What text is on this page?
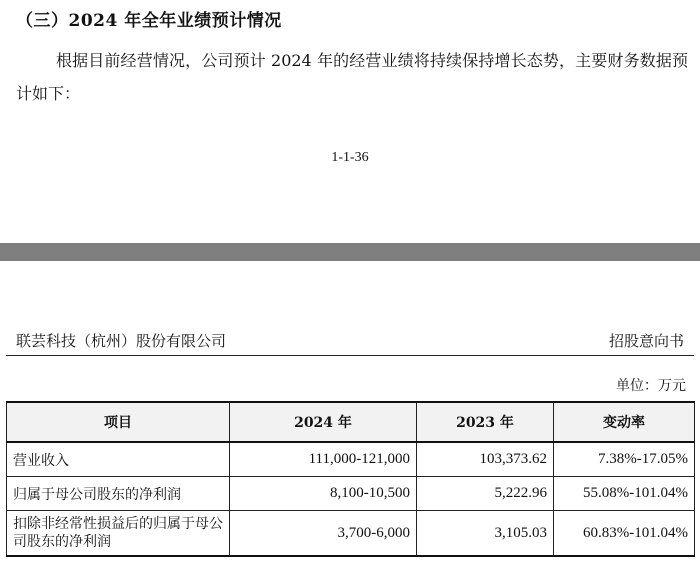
（三）2024 年全年业绩预计情况
根据目前经营情况，公司预计 2024 年的经营业绩将持续保持增长态势，主要财务数据预计如下：
1-1-36
联芸科技（杭州）股份有限公司	招股意向书
单位：万元
项目	2024 年	2023 年	变动率
营业收入	111,000-121,000	103,373.62	7.38%-17.05%
归属于母公司股东的净利润	8,100-10,500	5,222.96	55.08%-101.04%
扣除非经常性损益后的归属于母公司股东的净利润	3,700-6,000	3,105.03	60.83%-101.04%
